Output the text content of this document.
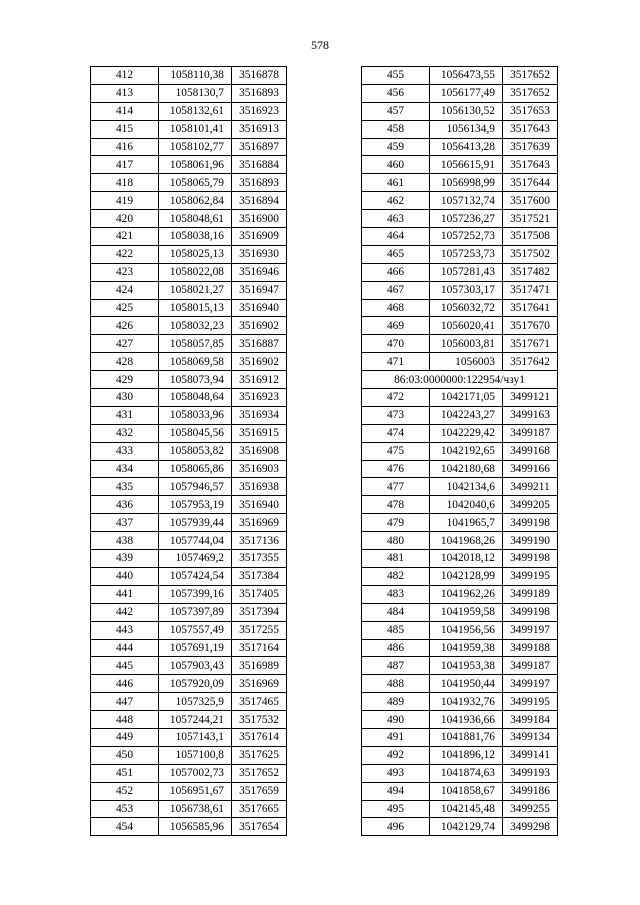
578
412	1058110,38	3516878
413	1058130,7	3516893
414	1058132,61	3516923
415	1058101,41	3516913
416	1058102,77	3516897
417	1058061,96	3516884
418	1058065,79	3516893
419	1058062,84	3516894
420	1058048,61	3516900
421	1058038,16	3516909
422	1058025,13	3516930
423	1058022,08	3516946
424	1058021,27	3516947
425	1058015,13	3516940
426	1058032,23	3516902
427	1058057,85	3516887
428	1058069,58	3516902
429	1058073,94	3516912
430	1058048,64	3516923
431	1058033,96	3516934
432	1058045,56	3516915
433	1058053,82	3516908
434	1058065,86	3516903
435	1057946,57	3516938
436	1057953,19	3516940
437	1057939,44	3516969
438	1057744,04	3517136
439	1057469,2	3517355
440	1057424,54	3517384
441	1057399,16	3517405
442	1057397,89	3517394
443	1057557,49	3517255
444	1057691,19	3517164
445	1057903,43	3516989
446	1057920,09	3516969
447	1057325,9	3517465
448	1057244,21	3517532
449	1057143,1	3517614
450	1057100,8	3517625
451	1057002,73	3517652
452	1056951,67	3517659
453	1056738,61	3517665
454	1056585,96	3517654
455	1056473,55	3517652
456	1056177,49	3517652
457	1056130,52	3517653
458	1056134,9	3517643
459	1056413,28	3517639
460	1056615,91	3517643
461	1056998,99	3517644
462	1057132,74	3517600
463	1057236,27	3517521
464	1057252,73	3517508
465	1057253,73	3517502
466	1057281,43	3517482
467	1057303,17	3517471
468	1056032,72	3517641
469	1056020,41	3517670
470	1056003,81	3517671
471	1056003	3517642
86:03:0000000:122954/чзу1		
472	1042171,05	3499121
473	1042243,27	3499163
474	1042229,42	3499187
475	1042192,65	3499168
476	1042180,68	3499166
477	1042134,6	3499211
478	1042040,6	3499205
479	1041965,7	3499198
480	1041968,26	3499190
481	1042018,12	3499198
482	1042128,99	3499195
483	1041962,26	3499189
484	1041959,58	3499198
485	1041956,56	3499197
486	1041959,38	3499188
487	1041953,38	3499187
488	1041950,44	3499197
489	1041932,76	3499195
490	1041936,66	3499184
491	1041881,76	3499134
492	1041896,12	3499141
493	1041874,63	3499193
494	1041858,67	3499186
495	1042145,48	3499255
496	1042129,74	3499298
